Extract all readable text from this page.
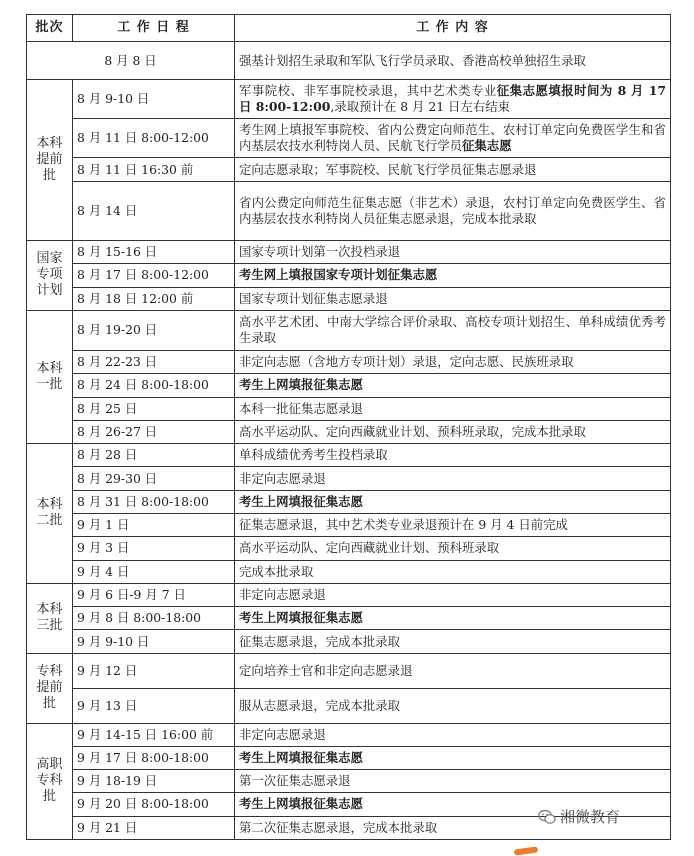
批次	工 作 日 程	工 作 内 容
8 月 8 日		强基计划招生录取和军队飞行学员录取、香港高校单独招生录取
本科提前批	8 月 9-10 日	军事院校、非军事院校录退，其中艺术类专业征集志愿填报时间为 8 月 17 日 8:00-12:00,录取预计在 8 月 21 日左右结束
	8 月 11 日 8:00-12:00	考生网上填报军事院校、省内公费定向师范生、农村订单定向免费医学生和省内基层农技水利特岗人员、民航飞行学员征集志愿
	8 月 11 日 16:30 前	定向志愿录取；军事院校、民航飞行学员征集志愿录退
	8 月 14 日	省内公费定向师范生征集志愿（非艺术）录退，农村订单定向免费医学生、省内基层农技水利特岗人员征集志愿录退，完成本批录取
国家专项计划	8 月 15-16 日	国家专项计划第一次投档录退
	8 月 17 日 8:00-12:00	考生网上填报国家专项计划征集志愿
	8 月 18 日 12:00 前	国家专项计划征集志愿录退
本科一批	8 月 19-20 日	高水平艺术团、中南大学综合评价录取、高校专项计划招生、单科成绩优秀考生录取
	8 月 22-23 日	非定向志愿（含地方专项计划）录退，定向志愿、民族班录取
	8 月 24 日 8:00-18:00	考生上网填报征集志愿
	8 月 25 日	本科一批征集志愿录退
	8 月 26-27 日	高水平运动队、定向西藏就业计划、预科班录取，完成本批录取
本科二批	8 月 28 日	单科成绩优秀考生投档录取
	8 月 29-30 日	非定向志愿录退
	8 月 31 日 8:00-18:00	考生上网填报征集志愿
	9 月 1 日	征集志愿录退，其中艺术类专业录退预计在 9 月 4 日前完成
	9 月 3 日	高水平运动队、定向西藏就业计划、预科班录取
	9 月 4 日	完成本批录取
本科三批	9 月 6 日-9 月 7 日	非定向志愿录退
	9 月 8 日 8:00-18:00	考生上网填报征集志愿
	9 月 9-10 日	征集志愿录退，完成本批录取
专科提前批	9 月 12 日	定向培养士官和非定向志愿录退
	9 月 13 日	服从志愿录退，完成本批录取
高职专科批	9 月 14-15 日 16:00 前	非定向志愿录退
	9 月 17 日 8:00-18:00	考生上网填报征集志愿
	9 月 18-19 日	第一次征集志愿录退
	9 月 20 日 8:00-18:00	考生上网填报征集志愿
	9 月 21 日	第二次征集志愿录退，完成本批录取
湘微教育
